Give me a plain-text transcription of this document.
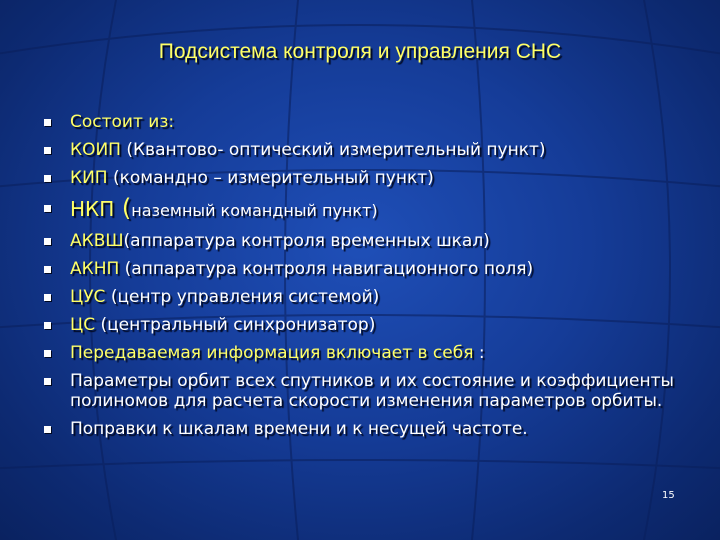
Подсистема контроля и управления СНС
Состоит из:
КОИП (Квантово- оптический измерительный пункт)
КИП (командно – измерительный пункт)
НКП (наземный командный пункт)
АКВШ(аппаратура контроля временных шкал)
АКНП (аппаратура контроля навигационного поля)
ЦУС (центр управления системой)
ЦС (центральный синхронизатор)
Передаваемая информация включает в себя :
Параметры орбит всех спутников и их состояние и коэффициенты полиномов для расчета скорости изменения параметров орбиты.
Поправки к шкалам времени и к несущей частоте.
15
